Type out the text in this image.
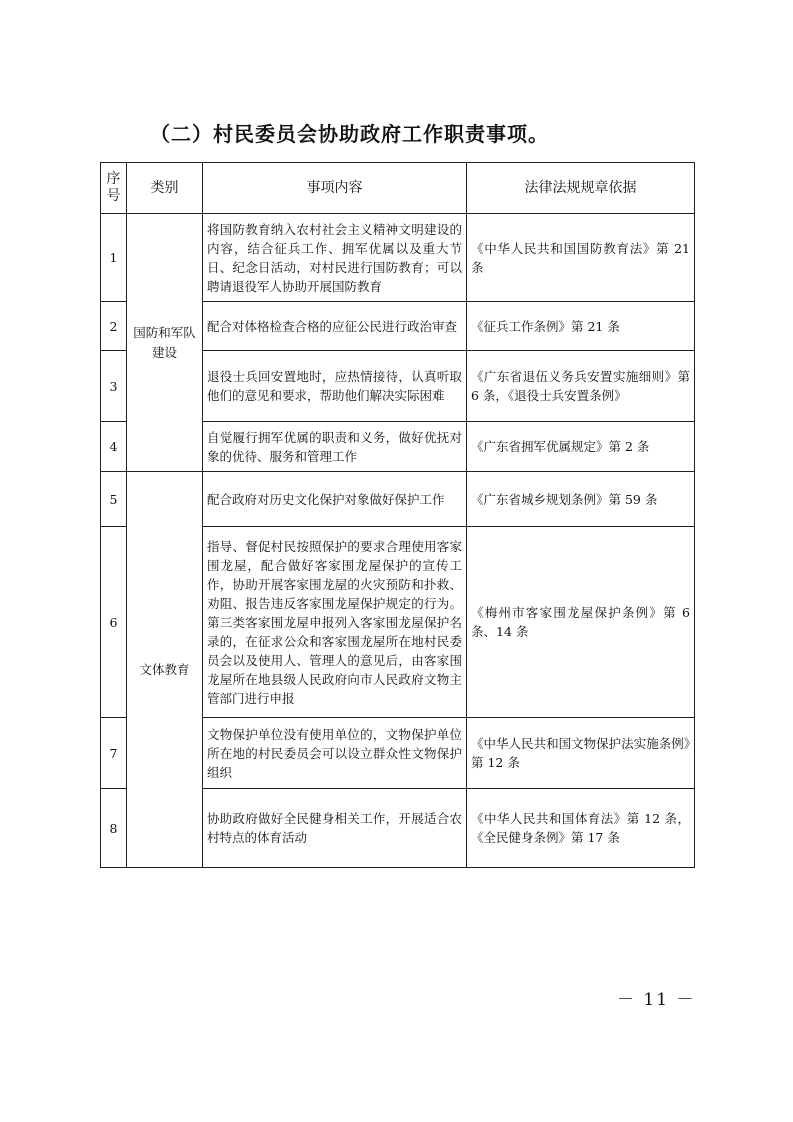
（二）村民委员会协助政府工作职责事项。
序号	类别	事项内容	法律法规规章依据
1	国防和军队建设	将国防教育纳入农村社会主义精神文明建设的内容，结合征兵工作、拥军优属以及重大节日、纪念日活动，对村民进行国防教育；可以聘请退役军人协助开展国防教育	《中华人民共和国国防教育法》第 21 条
2		配合对体格检查合格的应征公民进行政治审查	《征兵工作条例》第 21 条
3		退役士兵回安置地时，应热情接待，认真听取他们的意见和要求，帮助他们解决实际困难	《广东省退伍义务兵安置实施细则》第 6 条，《退役士兵安置条例》
4		自觉履行拥军优属的职责和义务，做好优抚对象的优待、服务和管理工作	《广东省拥军优属规定》第 2 条
5	文体教育	配合政府对历史文化保护对象做好保护工作	《广东省城乡规划条例》第 59 条
6		指导、督促村民按照保护的要求合理使用客家围龙屋，配合做好客家围龙屋保护的宣传工作，协助开展客家围龙屋的火灾预防和扑救、劝阻、报告违反客家围龙屋保护规定的行为。第三类客家围龙屋申报列入客家围龙屋保护名录的，在征求公众和客家围龙屋所在地村民委员会以及使用人、管理人的意见后，由客家围龙屋所在地县级人民政府向市人民政府文物主管部门进行申报	《梅州市客家围龙屋保护条例》第 6 条、14 条
7		文物保护单位没有使用单位的，文物保护单位所在地的村民委员会可以设立群众性文物保护组织	《中华人民共和国文物保护法实施条例》第 12 条
8		协助政府做好全民健身相关工作，开展适合农村特点的体育活动	《中华人民共和国体育法》第 12 条，《全民健身条例》第 17 条
－ 11 －
